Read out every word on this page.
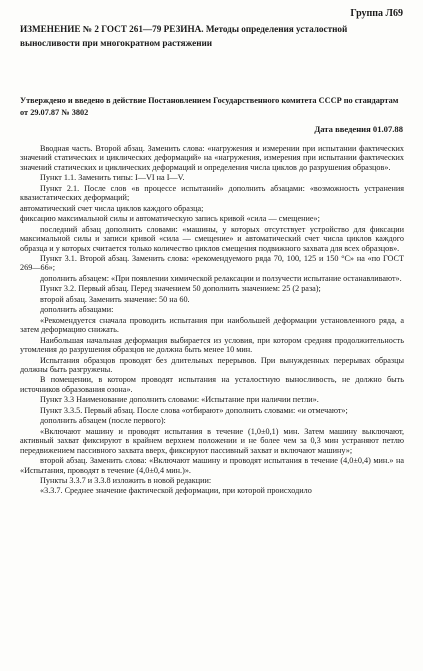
Группа Л69
ИЗМЕНЕНИЕ № 2 ГОСТ 261—79 РЕЗИНА. Методы определения усталостной выносливости при многократном растяжении
Утверждено и введено в действие Постановлением Государственного комитета СССР по стандартам от 29.07.87 № 3802
Дата введения 01.07.88

Вводная часть. Второй абзац. Заменить слова: «нагружения и измерении при испытании фактических значений статических и циклических деформаций» на «нагружения, измерения при испытании фактических значений статических и циклических деформаций и определения числа циклов до разрушения образцов».

Пункт 1.1. Заменить типы: I—VI на I—V.

Пункт 2.1. После слов «в процессе испытаний» дополнить абзацами: «возможность устранения квазистатических деформаций;

автоматический счет числа циклов каждого образца;

фиксацию максимальной силы и автоматическую запись кривой «сила — смещение»;

последний абзац дополнить словами: «машины, у которых отсутствует устройство для фиксации максимальной силы и записи кривой «сила — смещение» и автоматический счет числа циклов каждого образца и у которых считается только количество циклов смещения подвижного захвата для всех образцов».

Пункт 3.1. Второй абзац. Заменить слова: «рекомендуемого ряда 70, 100, 125 и 150 °С» на «по ГОСТ 269—66»;

дополнить абзацем: «При появлении химической релаксации и ползучести испытание останавливают».

Пункт 3.2. Первый абзац. Перед значением 50 дополнить значением: 25 (2 раза);

второй абзац. Заменить значение: 50 на 60.

дополнить абзацами:

«Рекомендуется сначала проводить испытания при наибольшей деформации установленного ряда, а затем деформацию снижать.

Наибольшая начальная деформация выбирается из условия, при котором средняя продолжительность утомления до разрушения образцов не должна быть менее 10 мин.

Испытания образцов проводят без длительных перерывов. При вынужденных перерывах образцы должны быть разгружены.

В помещении, в котором проводят испытания на усталостную выносливость, не должно быть источников образования озона».

Пункт 3.3 Наименование дополнить словами: «Испытание при наличии петли».

Пункт 3.3.5. Первый абзац. После слова «отбирают» дополнить словами: «и отмечают»;

дополнить абзацем (после первого):

«Включают машину и проводят испытания в течение (1,0±0,1) мин. Затем машину выключают, активный захват фиксируют в крайнем верхнем положении и не более чем за 0,3 мин устраняют петлю передвижением пассивного захвата вверх, фиксируют пассивный захват и включают машину»;

второй абзац. Заменить слова: «Включают машину и проводят испытания в течение (4,0±0,4) мин.» на «Испытания, проводят в течение (4,0±0,4 мин.)».

Пункты 3.3.7 и 3.3.8 изложить в новой редакции:

«3.3.7. Среднее значение фактической деформации, при которой происходило
